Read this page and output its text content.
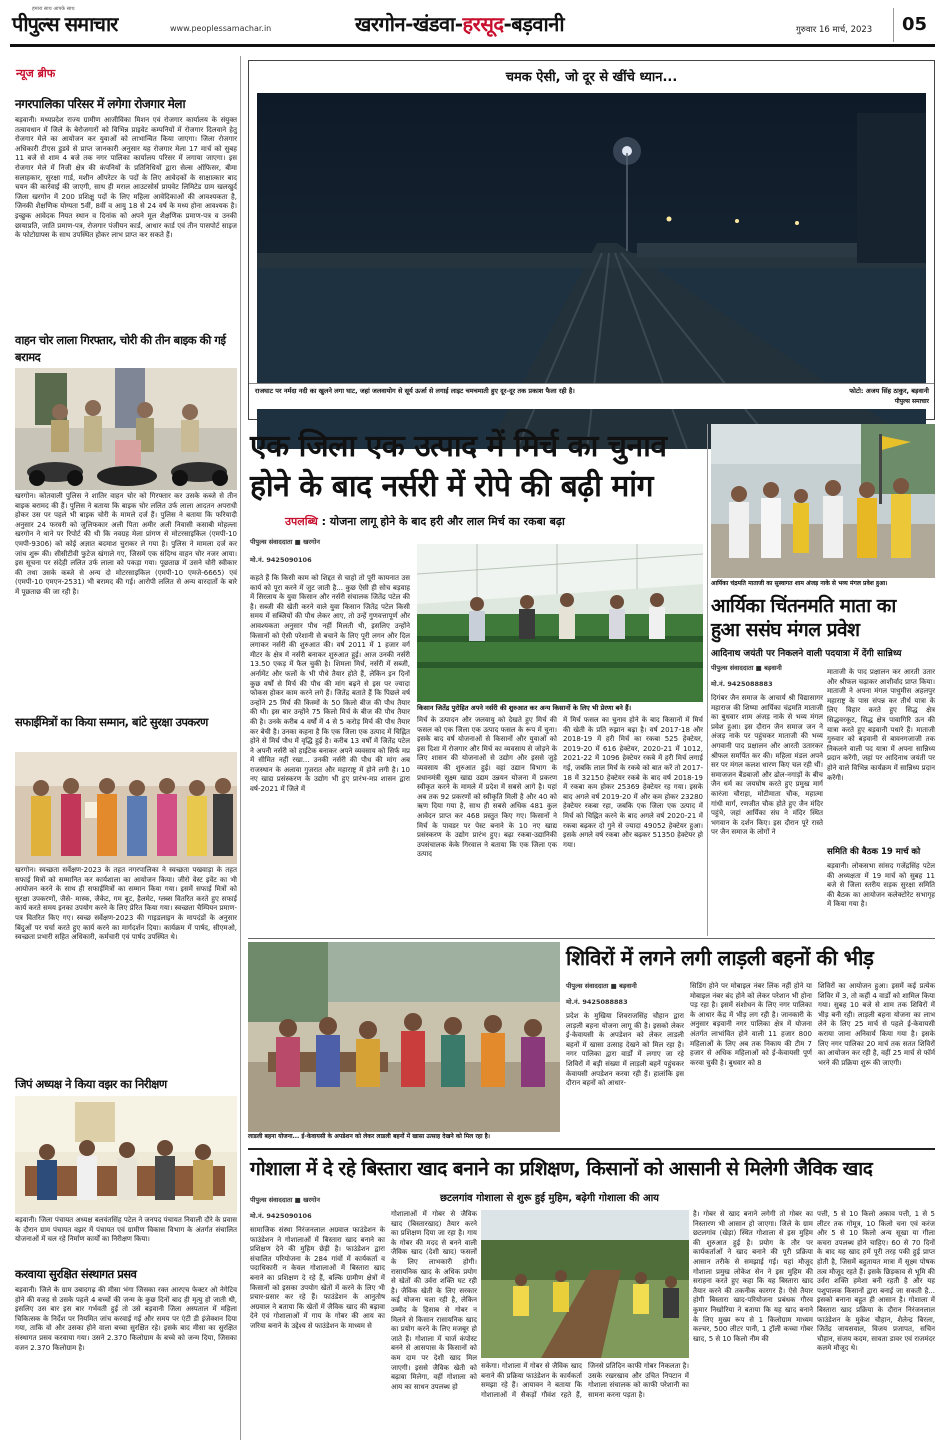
हमारा साथ आपके साथ
पीपुल्स समाचार	www.peoplessamachar.in	खरगोन-खंडवा-हरसूद-बड़वानी	गुरुवार 16 मार्च, 2023 05
न्यूज ब्रीफ
नगरपालिका परिसर में लगेगा रोजगार मेला
बड़वानी। मध्यप्रदेश राज्य ग्रामीण आजीविका मिशन एवं रोजगार कार्यालय के संयुक्त तत्वावधान में जिले के बेरोजगारों को विभिन्न प्राइवेट कम्पनियों में रोजगार दिलवाने हेतु रोजगार मेले का आयोजन कर युवाओं को लाभान्वित किया जाएगा। जिला रोजगार अधिकारी टीएस डुडवे से प्राप्त जानकारी अनुसार यह रोजगार मेला 17 मार्च को सुबह 11 बजे से शाम 4 बजे तक नगर पालिका कार्यालय परिसर में लगाया जाएगा। इस रोजगार मेले में निजी क्षेत्र की कंपनियों के प्रतिनिधियों द्वारा सेल्स ऑफिसर, बीमा सलाहकार, सुरक्षा गार्ड, मशीन ऑपरेटर के पदों के लिए आवेदकों के साक्षात्कार बाद चयन की कार्रवाई की जाएगी, साथ ही मराल आउटसोर्स प्रायवेट लिमिटेड ग्राम खलखुर्द जिला खरगोन में 200 प्रशिक्षु पदों के लिए महिला आवेदिकाओं की आवश्यकता है, जिनकी शैक्षणिक योग्यता 5वीं, 8वीं व आयु 18 से 24 वर्ष के मध्य होना आवश्यक है। इच्छुक आवेदक नियत स्थान व दिनांक को अपने मूल शैक्षणिक प्रमाण-पत्र व उनकी छायाप्रति, जाति प्रमाण-पत्र, रोजगार पंजीयन कार्ड, आधार कार्ड एवं तीन पासपोर्ट साइज के फोटोग्राफ्स के साथ उपस्थित होकर लाभ प्राप्त कर सकते हैं।
वाहन चोर लाला गिरफ्तार, चोरी की तीन बाइक की गई बरामद
खरगोन। कोतवाली पुलिस ने शातिर वाहन चोर को गिरफ्तार कर उसके कब्जे से तीन बाइक बरामद की हैं। पुलिस ने बताया कि बाइक चोर ललित उर्फ लाला आदतन अपराधी होकर उस पर पहले भी बाइक चोरी के मामले दर्ज हैं। पुलिस ने बताया कि फरियादी अनुसार 24 फरवरी को जुलिफकार अली पिता अमीर अली निवासी कसाबी मोहल्ला खरगोन ने थाने पर रिपोर्ट की थी कि नवग्रह मेला प्रांगण से मोटरसाइकिल (एमपी-10 एमपी-9306) को कोई अज्ञात बदमाश चुराकर ले गया है। पुलिस ने मामला दर्ज कर जांच शुरू की। सीसीटीवी फुटेज खंगाले गए, जिसमें एक संदिग्ध वाहन चोर नजर आया। इस सूचना पर संदेही ललित उर्फ लाला को पकड़ा गया। पूछताछ में उसने चोरी स्वीकार की तथा उसके कब्जे से अन्य दो मोटरसाइकिल (एमपी-10 एमजे-6665) एवं (एमपी-10 एमएन-2531) भी बरामद की गई। आरोपी ललित से अन्य वारदातों के बारे में पूछताछ की जा रही है।
सफाईमित्रों का किया सम्मान, बांटे सुरक्षा उपकरण
खरगोन। स्वच्छता सर्वेक्षण-2023 के तहत नगरपालिका ने स्वच्छता पखवाड़ा के तहत सफाई मित्रों को सम्मानित कर कार्यशाला का आयोजन किया। जीरो वेस्ट इवेंट का भी आयोजन करने के साथ ही सफाईमित्रों का सम्मान किया गया। इसमें सफाई मित्रों को सुरक्षा उपकरणों, जैसे- मास्क, जैकेट, गम बूट, हैलमेट, ग्लब्स वितरित करते हुए सफाई कार्य करते समय इनका उपयोग करने के लिए प्रेरित किया गया। स्वच्छता चैम्पियन प्रमाण-पत्र वितरित किए गए। स्वच्छ सर्वेक्षण-2023 की गाइडलाइन के मापदंडों के अनुसार बिंदुओं पर चर्चा करते हुए कार्य करने का मार्गदर्शन दिया। कार्यक्रम में पार्षद, सीएमओ, स्वच्छता प्रभारी सहित अधिकारी, कर्मचारी एवं पार्षद उपस्थित थे।
जिपं अध्यक्ष ने किया वझर का निरीक्षण
बड़वानी। जिला पंचायत अध्यक्ष बलवंतसिंह पटेल ने जनपद पंचायत निवाली दौरे के प्रवास के दौरान ग्राम पंचायत वझर में पंचायत एवं ग्रामीण विकास विभाग के अंतर्गत संचालित योजनाओं में चल रहे निर्माण कार्यों का निरीक्षण किया।
करवाया सुरक्षित संस्थागत प्रसव
बड़वानी। जिले के ग्राम उबादगढ़ की मीसा भंगा जिसका रक्त आरएच फेक्टर ओ नेगेटिव होने की वजह से उसके पहले 4 बच्चों की जन्म के कुछ दिनों बाद ही मृत्यु हो जाती थी, इसलिए उस बार इस बार गर्भवती हुई तो उसे बड़वानी जिला अस्पताल में महिला चिकित्सक के निर्देश पर नियमित जांच करवाई गई और समय पर एंटी डी इंजेक्शन दिया गया, ताकि वो और उसका होने वाला बच्चा सुरक्षित रहे। इसके बाद मीसा का सुरक्षित संस्थागत प्रसव करवाया गया। उसने 2.370 किलोग्राम के बच्चे को जन्म दिया, जिसका वजन 2.370 किलोग्राम है।
चमक ऐसी, जो दूर से खींचे ध्यान...
राजघाट पर नर्मदा नदी का खुलने लगा घाट, जहां जलवायोग से सूर्य ऊर्जा से लगाई लाइट चमचमाती हुए दूर-दूर तक प्रकाश फैला रही है।	फोटो: अजय सिंह ठाकुर, बड़वानी
पीपुल्स समाचार
एक जिला एक उत्पाद में मिर्च का चुनाव
होने के बाद नर्सरी में रोपे की बढ़ी मांग
उपलब्धि : योजना लागू होने के बाद हरी और लाल मिर्च का रकबा बढ़ा
पीपुल्स संवाददाता ■ खरगोन
मो.नं. 9425090106
कहते हैं कि किसी काम को शिद्दत से चाहो तो पूरी कायनात उस कार्य को पूरा करने में जुट जाती है... कुछ ऐसी ही सोच बड़वाह में सिरलाय के युवा किसान और नर्सरी संचालक जितेंद्र पटेल की है। सब्जी की खेती करने वाले युवा किसान जितेंद्र पटेल किसी समय में सब्जियों की पौध लेकर आए, तो उन्हें गुणवत्तापूर्ण और आवश्यकता अनुसार पौध नहीं मिलती थी, इसलिए उन्होंने किसानों को ऐसी परेशानी से बचाने के लिए पूरी लगन और दिल लगाकर नर्सरी की शुरुआत की। वर्ष 2011 में 1 हजार वर्ग मीटर के क्षेत्र में नर्सरी बनाकर शुरुआत हुई। आज उनकी नर्सरी 13.50 एकड़ में फैल चुकी है। शिमला मिर्च, नर्सरी में सब्जी, अर्नामेंट और फलों के भी पौधे तैयार होते हैं, लेकिन इन दिनों कुछ वर्षों से मिर्च की पौध की मांग बढ़ने से इस पर ज्यादा फोकस होकर काम करने लगे हैं। जितेंद्र बताते हैं कि पिछले वर्ष उन्होंने 25 मिर्च की किस्मों के 50 किलो बीज की पौध तैयार की थी। इस बार उन्होंने 75 किलो मिर्च के बीज की पौध तैयार की है। उनके करीब 4 वर्षों में 4 से 5 करोड़ मिर्च की पौध तैयार कर बेची है। उनका कहना है कि एक जिला एक उत्पाद में चिह्नित होने से मिर्च पौध में वृद्धि हुई है। करीब 13 वर्षों में जितेंद्र पटेल ने अपनी नर्सरी को हाईटेक बनाकर अपने व्यवसाय को सिर्फ मप्र में सीमित नहीं रखा... उनकी नर्सरी की पौध की मांग अब राजस्थान के अलावा गुजरात और महाराष्ट्र में होने लगी है। 10 नए खाद्य प्रसंस्करण के उद्योग भी हुए प्रारंभ-मप्र शासन द्वारा वर्ष-2021 में जिले में
किसान जितेंद्र पुरोहित अपने नर्सरी की शुरुआत कर अन्य किसानों के लिए भी प्रेरणा बने हैं।
मिर्च के उत्पादन और जलवायु को देखते हुए मिर्च की फसल को एक जिला एक उत्पाद फसल के रूप में चुना। इसके बाद वर्ष योजनाओं से किसानों और युवाओं को इस दिशा में रोजगार और मिर्च का व्यवसाय से जोड़ने के लिए शासन की योजनाओं से उद्योग और इससे जुड़े व्यवसाय की शुरुआत हुई। वहां उद्यान विभाग के प्रधानमंत्री सूक्ष्म खाद्य उद्यम उन्नयन योजना में प्रकरण स्वीकृत करने के मामले में प्रदेश में सबसे आगे है। यहां अब तक 92 प्रकरणों को स्वीकृति मिली है और 40 को ऋण दिया गया है, साथ ही सबसे अधिक 481 कुल आवेदन प्राप्त कर 468 प्रस्तुत किए गए। किसानों ने मिर्च के पावडर पर पेस्ट बनाने के 10 नए खाद्य प्रसंस्करण के उद्योग प्रारंभ हुए। बढ़ा रकबा-उद्यानिकी उपसंचालक केके गिरवाल ने बताया कि एक जिला एक उत्पाद
में मिर्च फसल का चुनाव होने के बाद किसानों में मिर्च की खेती के प्रति रुझान बढ़ा है। वर्ष 2017-18 और 2018-19 में हरी मिर्च का रकबा 525 हेक्टेयर, 2019-20 में 616 हेक्टेयर, 2020-21 में 1012, 2021-22 में 1096 हेक्टेयर रकबे में हरी मिर्च लगाई गई, जबकि लाल मिर्च के रकबे को बात करें तो 2017-18 में 32150 हेक्टेयर रकबे के बाद वर्ष 2018-19 में रकबा कम होकर 25369 हेक्टेयर रह गया। इसके बाद अगले वर्ष 2019-20 में और कम होकर 23280 हेक्टेयर रकबा रहा, जबकि एक जिला एक उत्पाद में मिर्च को चिह्नित करने के बाद अगले वर्ष 2020-21 में रकबा बढ़कर दो गुने से ज्यादा 49052 हेक्टेयर हुआ। इसके अगले वर्ष रकबा और बढ़कर 51350 हेक्टेयर हो गया।
आर्यिका चंद्रमति माताजी का सुस्वागत शाम अंजड़ नाके से भव्य मंगल प्रवेश हुआ।
आर्यिका चिंतनमति माता का
हुआ ससंघ मंगल प्रवेश
आदिनाथ जयंती पर निकलने वाली पदयात्रा में देंगी सान्निध्य
पीपुल्स संवाददाता ■ बड़वानी
मो.नं. 9425088883
दिगंबर जैन समाज के आचार्य श्री विद्यासागर महाराज की शिष्या आर्यिका चंद्रमति माताजी का बुधवार शाम अंजड़ नाके से भव्य मंगल प्रवेश हुआ। इस दौरान जैन समाज जन ने अंजड़ नाके पर पहुंचकर माताजी की भव्य अगवानी पाद प्रक्षालन और आरती उतारकर श्रीफल समर्पित कर की। महिला मंडल अपने सर पर मंगल कलश धारण किए चल रही थीं। समाजजन बैंडबाजों और ढोल-नगाड़ों के बीच जैन धर्म का जयघोष करते हुए प्रमुख मार्ग कारंजा चौराहा, मोटीमाता चौक, महात्मा गांधी मार्ग, रणजीत चौक होते हुए जैन मंदिर पहुंचे, जहां आर्यिका संघ ने मंदिर स्थित भगवान के दर्शन किए। इस दौरान पूरे रास्ते पर जैन समाज के लोगों ने
माताजी के पाद प्रक्षालन कर आरती उतार और श्रीफल चढ़ाकर आशीर्वाद प्राप्त किया। माताजी ने अपना मंगल पाथुमीस अहलपुर महाराष्ट्र के पास संपन्न कर तीर्थ यात्रा के लिए विहार करते हुए सिद्ध क्षेत्र सिद्धवरकूट, सिद्ध क्षेत्र पावागिरि ऊन की यात्रा करते हुए बड़वानी पधारे हैं। माताजी गुरुवार को बड़वानी से बावनगजाजी तक निकलने वाली पद यात्रा में अपना सान्निध्य प्रदान करेंगी, जहां पर आदिनाथ जयंती पर होने वाले विभिन्न कार्यक्रम में सान्निध्य प्रदान करेंगी।
समिति की बैठक 19 मार्च को
बड़वानी। लोकसभा सांसद गजेंद्रसिंह पटेल की अध्यक्षता में 19 मार्च को सुबह 11 बजे से जिला स्तरीय सड़क सुरक्षा समिति की बैठक का आयोजन कलेक्टोरेट सभागृह में किया गया है।
लाडली बहना योजना... ई-केवायसी के अपडेशन को लेकर लाडली बहनों में खासा उत्साह देखने को मिल रहा है।
शिविरों में लगने लगी लाड़ली बहनों की भीड़
पीपुल्स संवाददाता ■ बड़वानी
मो.नं. 9425088883
प्रदेश के मुखिया शिवराजसिंह चौहान द्वारा लाड़ली बहना योजना लागू की है। इसको लेकर ई-केवायसी के अपडेशन को लेकर लाडली बहनों में खासा उत्साह देखने को मिल रहा है। नगर पालिका द्वारा वार्डों में लगाए जा रहे शिविरों में बड़ी संख्या में लाड़ली बहनें पहुंचकर केवायसी अपडेशन करवा रही हैं। हालांकि इस दौरान बहनों को आधार-
सिडिंग होने पर मोबाइल नंबर लिंक नहीं होने या मोबाइल नंबर बंद होने को लेकर परेशान भी होना पड़ रहा है। इसमें संशोधन के लिए नगर पालिका के आधार केंद्र में भीड़ लग रही है। जानकारी के अनुसार बड़वानी नगर पालिका क्षेत्र में योजना अंतर्गत लाभांवित होने वाली 11 हजार 800 महिलाओं के लिए अब तक निकाय की टीम 7 हजार से अधिक महिलाओं को ई-केवायसी पूर्ण करवा चुकी है। बुधवार को 8
शिविरों का आयोजन हुआ। इसमें कई प्रत्येक शिविर में 3, तो कहीं 4 वार्डों को शामिल किया गया। सुबह 10 बजे से शाम तक शिविरों में भीड़ बनी रही। लाड़ली बहना योजना का लाभ लेने के लिए 25 मार्च से पहले ई-केवायसी कराया जाना अनिवार्य किया गया है। इसके लिए नगर पालिका 20 मार्च तक सतत शिविरों का आयोजन कर रही है, वहीं 25 मार्च से फॉर्म भरने की प्रक्रिया शुरू की जाएगी।
गोशाला में दे रहे बिस्तारा खाद बनाने का प्रशिक्षण, किसानों को आसानी से मिलेगी जैविक खाद
छटलगांव गोशाला से शुरू हुई मुहिम, बढ़ेगी गोशाला की आय
पीपुल्स संवाददाता ■ खरगोन
मो.नं. 9425090106
सामाजिक संस्था निरंजनलाल अग्रवाल फाउंडेशन के फाउंडेशन ने गोशालाओं में बिस्तारा खाद बनाने का प्रशिक्षण देने की मुहिम छेड़ी है। फाउंडेशन द्वारा संचालित परियोजना के 284 गांवों में कार्यकर्ता व पदाधिकारी न केवल गोशालाओं में बिस्तारा खाद बनाने का प्रशिक्षण दे रहे हैं, बल्कि ग्रामीण क्षेत्रों में किसानों को इसका उपयोग खेतों में करने के लिए भी प्रचार-प्रसार कर रहे हैं। फाउंडेशन के आनुतोष अग्रवाल ने बताया कि खेतों में जैविक खाद की बढ़ावा देने एवं गोशालाओं में गाय के गोबर की आय का जरिया बनाने के उद्देश्य से फाउंडेशन के माध्यम से
गोशालाओं में गोबर से जैविक खाद (बिस्तारखाद) तैयार करने का प्रशिक्षण दिया जा रहा है। गाय के गोबर की मदद से बनने वाली जैविक खाद (देशी खाद) फसलों के लिए लाभकारी होगी। रासायनिक खाद के अधिक प्रयोग से खेतों की उर्वरा शक्ति घट रही है। जैविक खेती के लिए सरकार कई योजना चला रही है, लेकिन उम्मीद के हिसाब से गोबर न मिलने से किसान रासायनिक खाद का प्रयोग करने के लिए मजबूर हो जाते हैं। गोशाला में चार्ज कंपोस्ट बनने से आसपास के किसानों को कम दाम पर देशी खाद मिल जाएगी। इससे जैविक खेती को बढ़ावा मिलेगा, वहीं गोशाला को आय का साधन उपलब्ध हो
सकेगा। गोशाला में गोबर से जैविक खाद बनाने की प्रक्रिया फाउंडेशन के कार्यकर्ता समझा रहे हैं। आयावन ने बताया कि गोशालाओं में सैकड़ों गौवंश रहते हैं, जिनसे प्रतिदिन काफी गोबर निकलता है। उसके रखरखाव और उचित निपटान में गोशाला संचालक को काफी परेशानी का सामना करना पड़ता है।
है। गोबर से खाद बनाने लगेगी तो गोबर का निस्तारण भी आसान हो जाएगा। जिले के ग्राम छटलगांव (खेड़ा) स्थित गोशाला से इस मुहिम की शुरुआत हुई है। प्रयोग के तौर पर कार्यकर्ताओं ने खाद बनाने की पूरी प्रक्रिया आसान तरीके से समझाई गई। यहां मौजूद गोशाला प्रमुख लोकेश सेन ने इस मुहिम की सराहना करते हुए कहा कि यह बिस्तारा खाद तैयार करने की तकनीक कारगर है। ऐसे तैयार होगी बिस्तारा खाद-परियोजना प्रबंधक गौरव कुमार निखोरिया ने बताया कि यह खाद बनाने के लिए मुख्य रूप से 1 किलोग्राम माध्यम कल्चर, 500 लीटर पानी, 1 ट्रॉली कच्चा गोबर खाद, 5 से 10 किलो नीम की
पत्ती, 5 से 10 किलो अकाव पत्ती, 1 से 5 लीटर तक गोमूत्र, 10 किलो चना एवं करंज और 5 से 10 किलो अन्य सूखा या गीला कचरा उपलब्ध होने चाहिए। 60 से 70 दिनों के बाद यह खाद हमें पूरी तरह पकी हुई प्राप्त होती है, जिसमें बहुतायत मात्रा में सूक्ष्म पोषक तत्व मौजूद रहते हैं। इसके छिड़काव से भूमि की उर्वरा शक्ति हमेशा बनी रहती है और यह पशुपालक किसानों द्वारा बनाई जा सकती है... इसको बनाना बहुत ही आसान है। गोशाला में बिस्तारा खाद प्रक्रिया के दौरान निरंजनलाल फाउंडेशन के मुकेश चौहान, शैलेन्द्र बिरला, जितेंद्र जायसवाल, विजय प्रजापत, सचिन चौहान, संजय कदम, सावता डावर एवं राजमंदर कलमे मौजूद थे।
